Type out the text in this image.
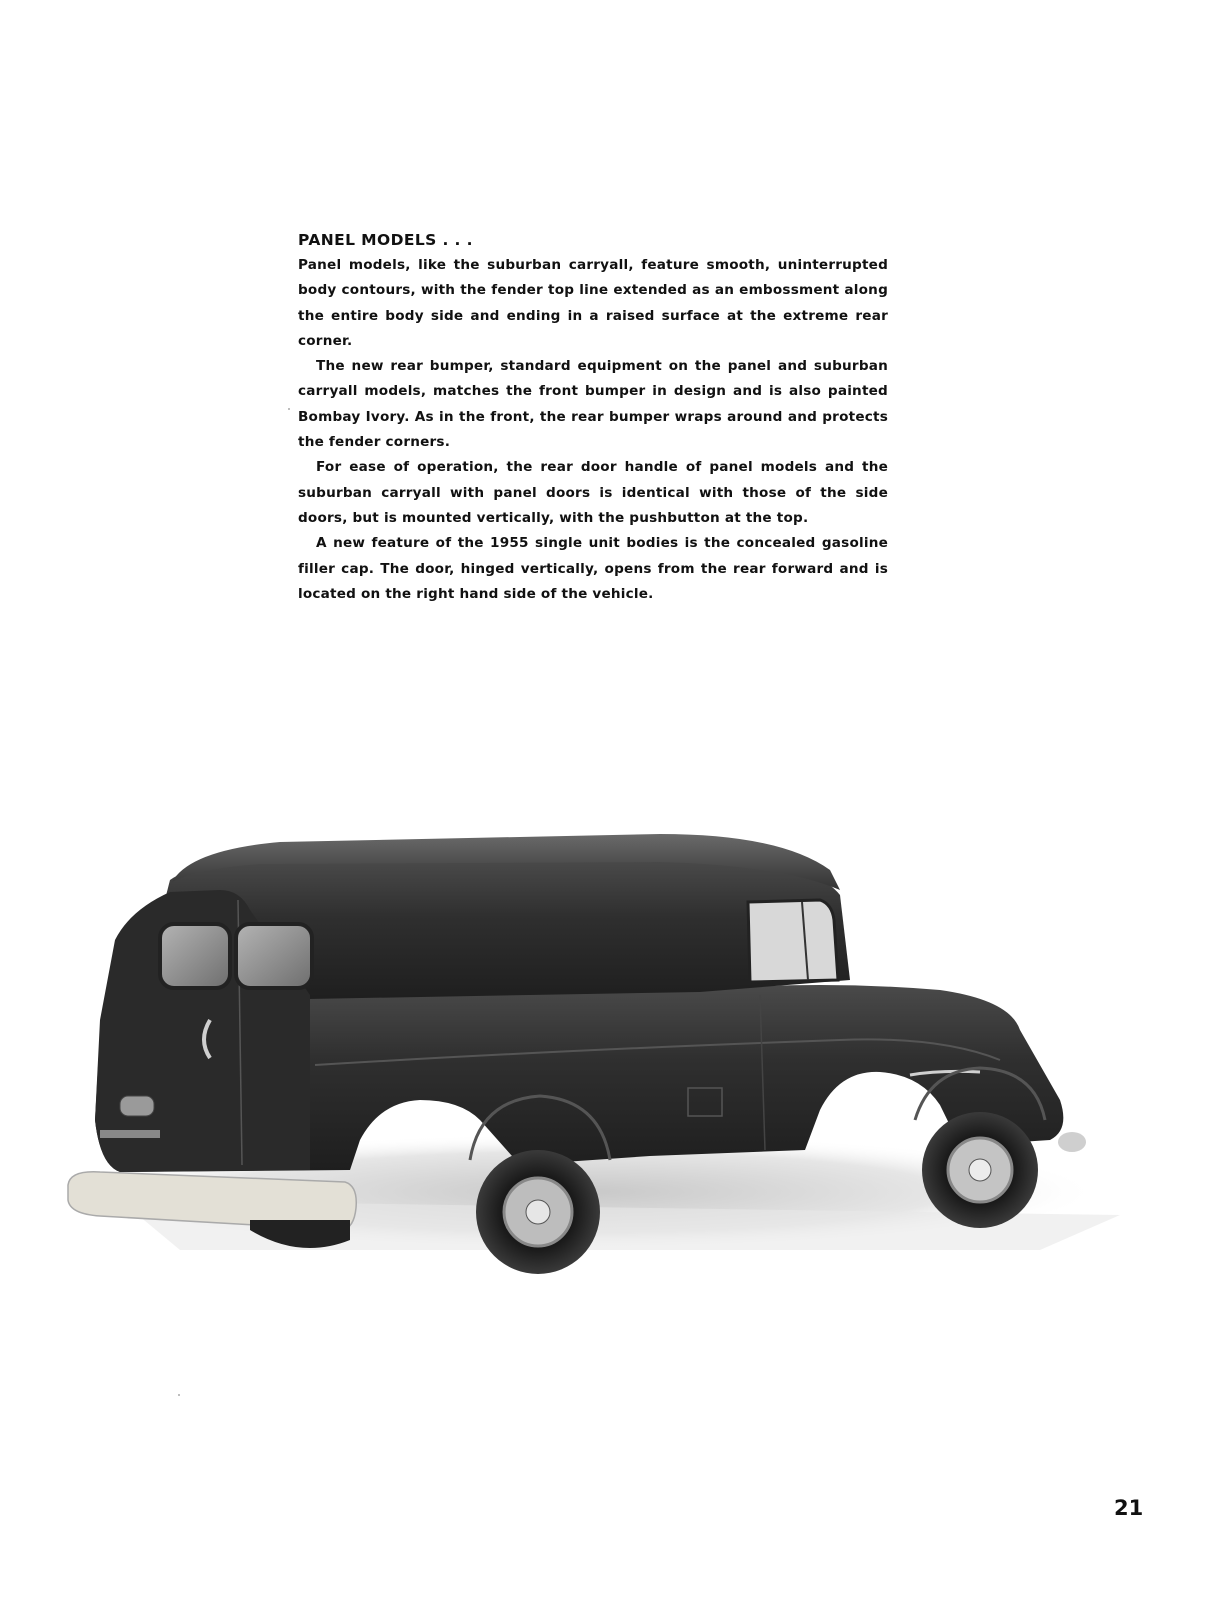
PANEL MODELS . . .

Panel models, like the suburban carryall, feature smooth, uninterrupted body contours, with the fender top line extended as an embossment along the entire body side and ending in a raised surface at the extreme rear corner.

The new rear bumper, standard equipment on the panel and suburban carryall models, matches the front bumper in design and is also painted Bombay Ivory. As in the front, the rear bumper wraps around and protects the fender corners.

For ease of operation, the rear door handle of panel models and the suburban carryall with panel doors is identical with those of the side doors, but is mounted vertically, with the pushbutton at the top.

A new feature of the 1955 single unit bodies is the concealed gasoline filler cap. The door, hinged vertically, opens from the rear forward and is located on the right hand side of the vehicle.

21
